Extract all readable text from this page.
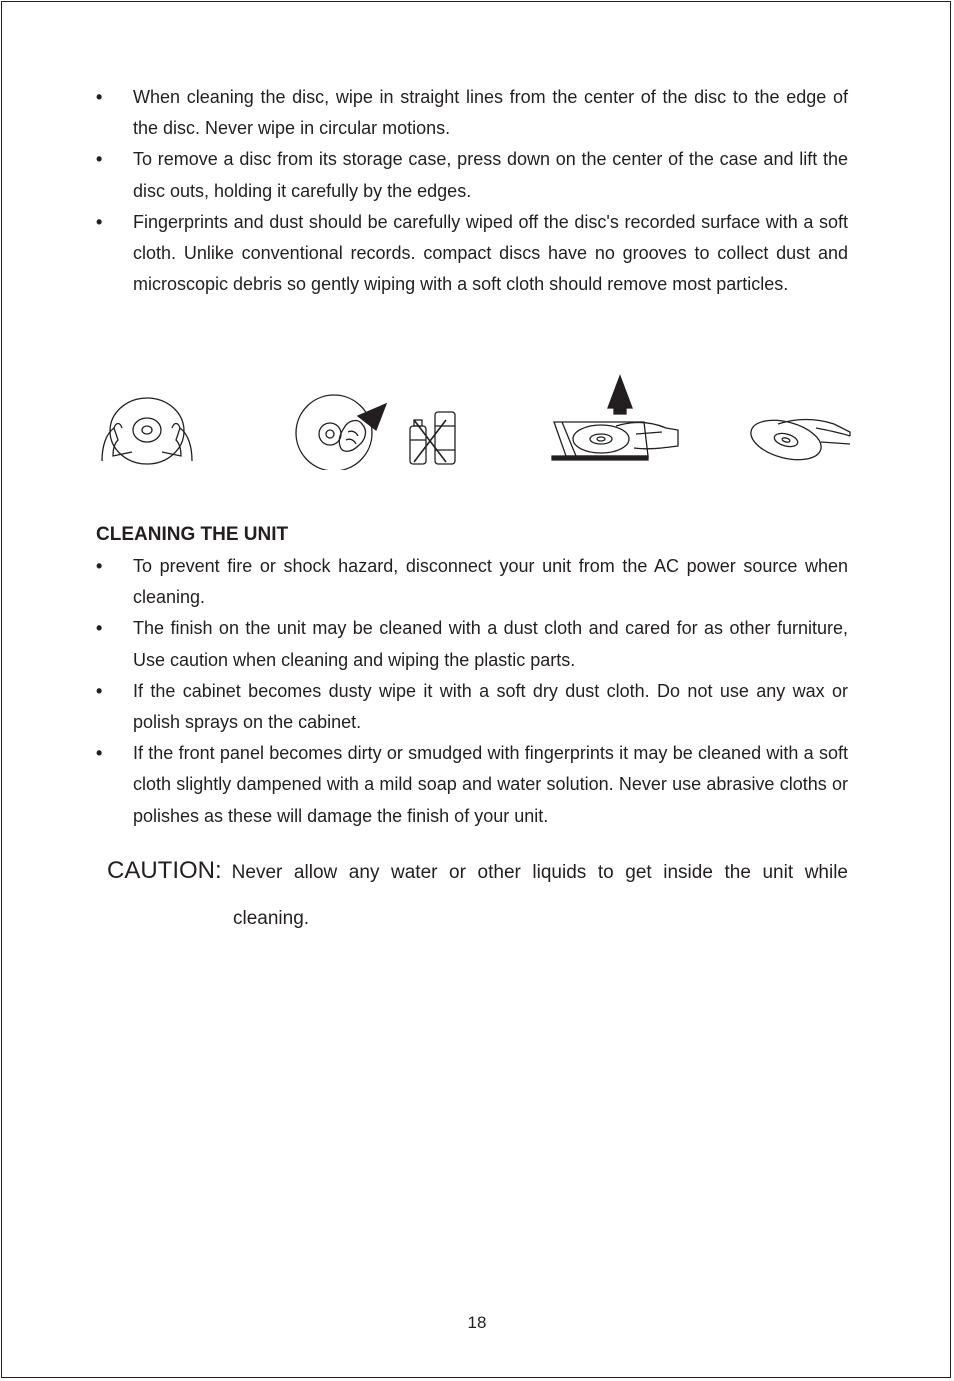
• When cleaning the disc, wipe in straight lines from the center of the disc to the edge of the disc. Never wipe in circular motions.
• To remove a disc from its storage case, press down on the center of the case and lift the disc outs, holding it carefully by the edges.
• Fingerprints and dust should be carefully wiped off the disc's recorded surface with a soft cloth. Unlike conventional records. compact discs have no grooves to collect dust and microscopic debris so gently wiping with a soft cloth should remove most particles.
CLEANING THE UNIT
• To prevent fire or shock hazard, disconnect your unit from the AC power source when cleaning.
• The finish on the unit may be cleaned with a dust cloth and cared for as other furniture, Use caution when cleaning and wiping the plastic parts.
• If the cabinet becomes dusty wipe it with a soft dry dust cloth. Do not use any wax or polish sprays on the cabinet.
• If the front panel becomes dirty or smudged with fingerprints it may be cleaned with a soft cloth slightly dampened with a mild soap and water solution. Never use abrasive cloths or polishes as these will damage the finish of your unit.
CAUTION: Never allow any water or other liquids to get inside the unit while
cleaning.
18
